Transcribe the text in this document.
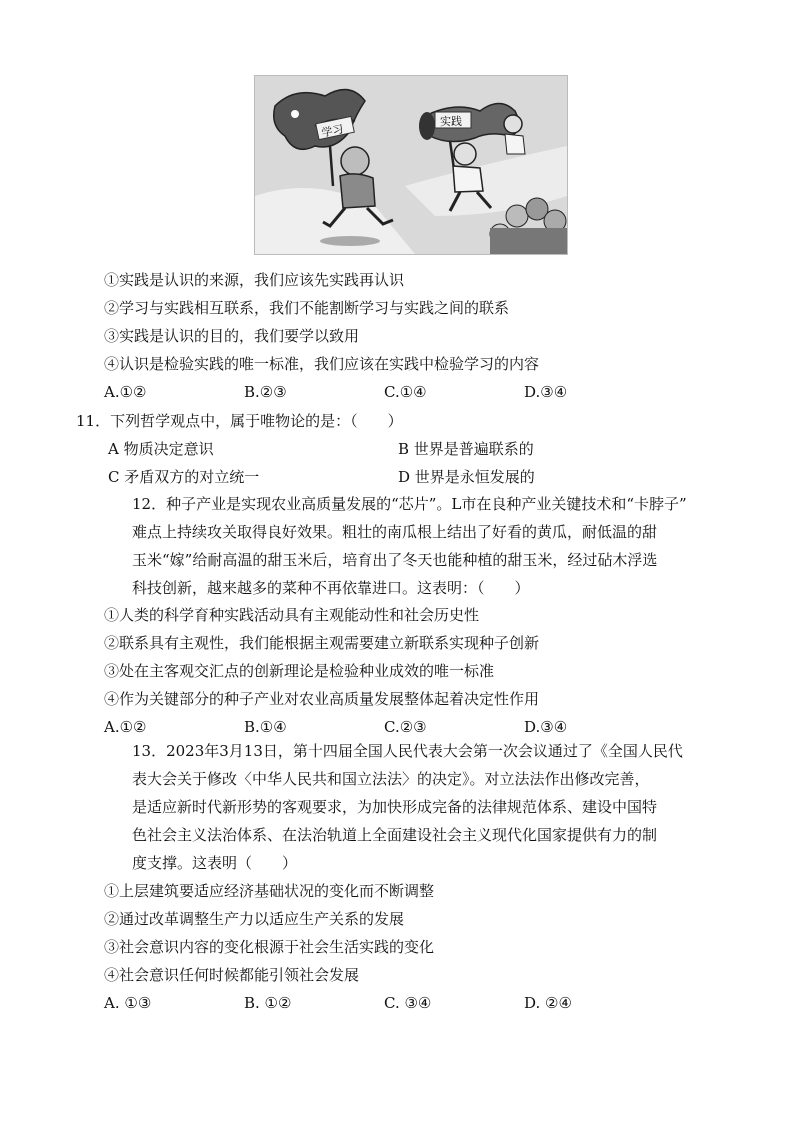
学习
实践
①实践是认识的来源，我们应该先实践再认识
②学习与实践相互联系，我们不能割断学习与实践之间的联系
③实践是认识的目的，我们要学以致用
④认识是检验实践的唯一标准，我们应该在实践中检验学习的内容
A.①②	B.②③	C.①④	D.③④
11．下列哲学观点中，属于唯物论的是：（　　）
A 物质决定意识	B 世界是普遍联系的
C 矛盾双方的对立统一	D 世界是永恒发展的
12．种子产业是实现农业高质量发展的“芯片”。L市在良种产业关键技术和“卡脖子”
难点上持续攻关取得良好效果。粗壮的南瓜根上结出了好看的黄瓜，耐低温的甜
玉米“嫁”给耐高温的甜玉米后，培育出了冬天也能种植的甜玉米，经过砧木浮选
科技创新，越来越多的菜种不再依靠进口。这表明：（　　）
①人类的科学育种实践活动具有主观能动性和社会历史性
②联系具有主观性，我们能根据主观需要建立新联系实现种子创新
③处在主客观交汇点的创新理论是检验种业成效的唯一标准
④作为关键部分的种子产业对农业高质量发展整体起着决定性作用
A.①②	B.①④	C.②③	D.③④
13．2023年3月13日，第十四届全国人民代表大会第一次会议通过了《全国人民代
表大会关于修改〈中华人民共和国立法法〉的决定》。对立法法作出修改完善，
是适应新时代新形势的客观要求，为加快形成完备的法律规范体系、建设中国特
色社会主义法治体系、在法治轨道上全面建设社会主义现代化国家提供有力的制
度支撑。这表明（　　）
①上层建筑要适应经济基础状况的变化而不断调整
②通过改革调整生产力以适应生产关系的发展
③社会意识内容的变化根源于社会生活实践的变化
④社会意识任何时候都能引领社会发展
A. ①③	B. ①②	C. ③④	D. ②④
